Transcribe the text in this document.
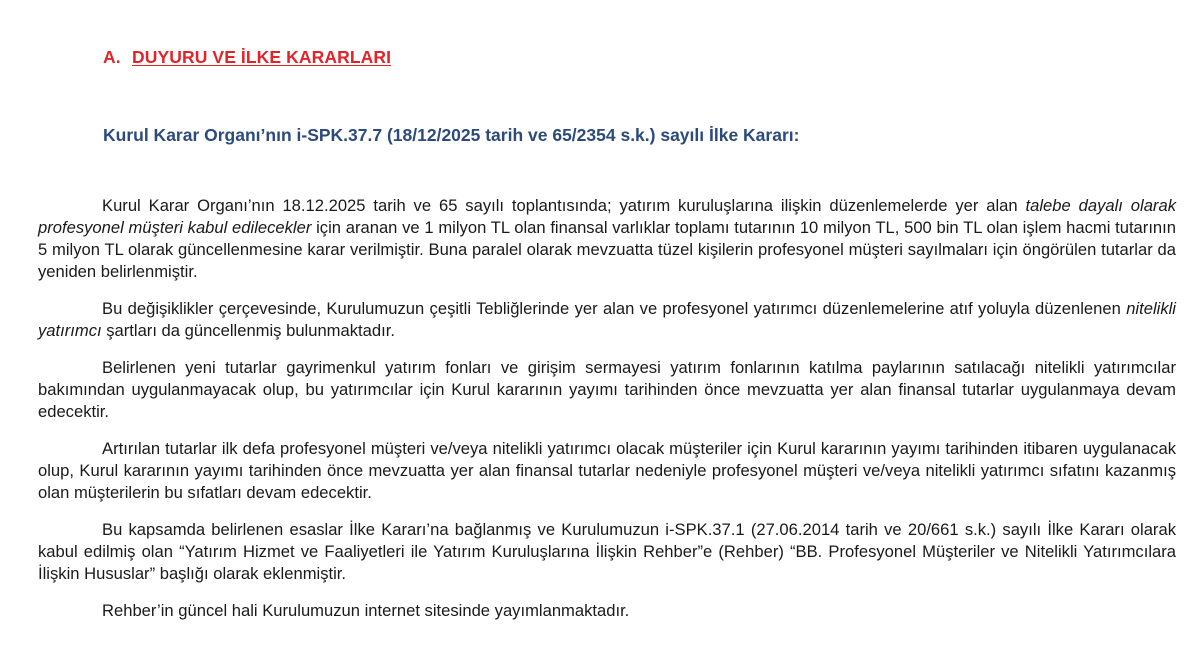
A. DUYURU VE İLKE KARARLARI
Kurul Karar Organı’nın i-SPK.37.7 (18/12/2025 tarih ve 65/2354 s.k.) sayılı İlke Kararı:

Kurul Karar Organı’nın 18.12.2025 tarih ve 65 sayılı toplantısında; yatırım kuruluşlarına ilişkin düzenlemelerde yer alan talebe dayalı olarak profesyonel müşteri kabul edilecekler için aranan ve 1 milyon TL olan finansal varlıklar toplamı tutarının 10 milyon TL, 500 bin TL olan işlem hacmi tutarının 5 milyon TL olarak güncellenmesine karar verilmiştir. Buna paralel olarak mevzuatta tüzel kişilerin profesyonel müşteri sayılmaları için öngörülen tutarlar da yeniden belirlenmiştir.

Bu değişiklikler çerçevesinde, Kurulumuzun çeşitli Tebliğlerinde yer alan ve profesyonel yatırımcı düzenlemelerine atıf yoluyla düzenlenen nitelikli yatırımcı şartları da güncellenmiş bulunmaktadır.

Belirlenen yeni tutarlar gayrimenkul yatırım fonları ve girişim sermayesi yatırım fonlarının katılma paylarının satılacağı nitelikli yatırımcılar bakımından uygulanmayacak olup, bu yatırımcılar için Kurul kararının yayımı tarihinden önce mevzuatta yer alan finansal tutarlar uygulanmaya devam edecektir.

Artırılan tutarlar ilk defa profesyonel müşteri ve/veya nitelikli yatırımcı olacak müşteriler için Kurul kararının yayımı tarihinden itibaren uygulanacak olup, Kurul kararının yayımı tarihinden önce mevzuatta yer alan finansal tutarlar nedeniyle profesyonel müşteri ve/veya nitelikli yatırımcı sıfatını kazanmış olan müşterilerin bu sıfatları devam edecektir.

Bu kapsamda belirlenen esaslar İlke Kararı’na bağlanmış ve Kurulumuzun i-SPK.37.1 (27.06.2014 tarih ve 20/661 s.k.) sayılı İlke Kararı olarak kabul edilmiş olan “Yatırım Hizmet ve Faaliyetleri ile Yatırım Kuruluşlarına İlişkin Rehber”e (Rehber) “BB. Profesyonel Müşteriler ve Nitelikli Yatırımcılara İlişkin Hususlar” başlığı olarak eklenmiştir.

Rehber’in güncel hali Kurulumuzun internet sitesinde yayımlanmaktadır.
